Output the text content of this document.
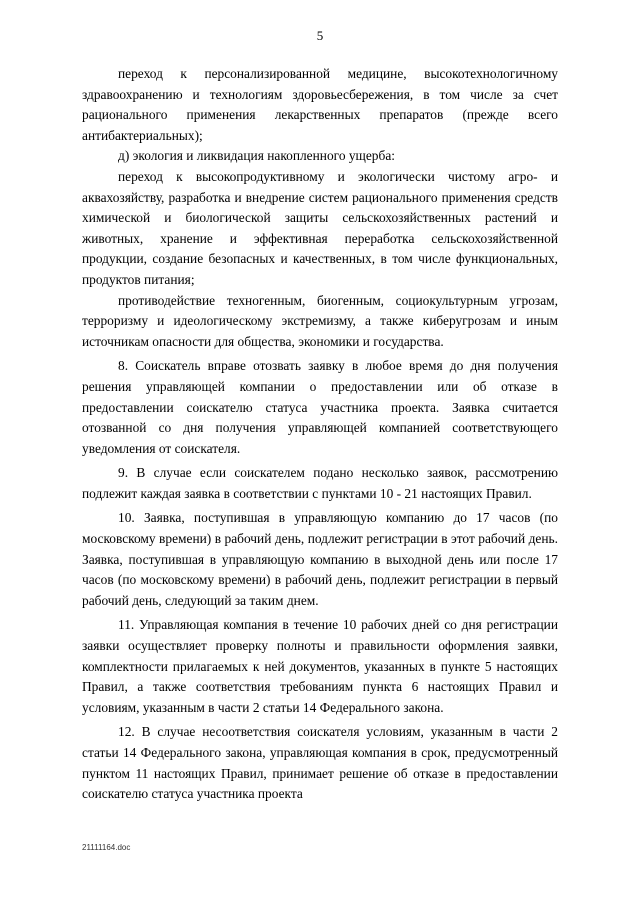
5

переход к персонализированной медицине, высокотехнологичному здравоохранению и технологиям здоровьесбережения, в том числе за счет рационального применения лекарственных препаратов (прежде всего антибактериальных);

д) экология и ликвидация накопленного ущерба:

переход к высокопродуктивному и экологически чистому агро- и аквахозяйству, разработка и внедрение систем рационального применения средств химической и биологической защиты сельскохозяйственных растений и животных, хранение и эффективная переработка сельскохозяйственной продукции, создание безопасных и качественных, в том числе функциональных, продуктов питания;

противодействие техногенным, биогенным, социокультурным угрозам, терроризму и идеологическому экстремизму, а также киберугрозам и иным источникам опасности для общества, экономики и государства.

8. Соискатель вправе отозвать заявку в любое время до дня получения решения управляющей компании о предоставлении или об отказе в предоставлении соискателю статуса участника проекта. Заявка считается отозванной со дня получения управляющей компанией соответствующего уведомления от соискателя.

9. В случае если соискателем подано несколько заявок, рассмотрению подлежит каждая заявка в соответствии с пунктами 10 - 21 настоящих Правил.

10. Заявка, поступившая в управляющую компанию до 17 часов (по московскому времени) в рабочий день, подлежит регистрации в этот рабочий день. Заявка, поступившая в управляющую компанию в выходной день или после 17 часов (по московскому времени) в рабочий день, подлежит регистрации в первый рабочий день, следующий за таким днем.

11. Управляющая компания в течение 10 рабочих дней со дня регистрации заявки осуществляет проверку полноты и правильности оформления заявки, комплектности прилагаемых к ней документов, указанных в пункте 5 настоящих Правил, а также соответствия требованиям пункта 6 настоящих Правил и условиям, указанным в части 2 статьи 14 Федерального закона.

12. В случае несоответствия соискателя условиям, указанным в части 2 статьи 14 Федерального закона, управляющая компания в срок, предусмотренный пунктом 11 настоящих Правил, принимает решение об отказе в предоставлении соискателю статуса участника проекта

21111164.doc
